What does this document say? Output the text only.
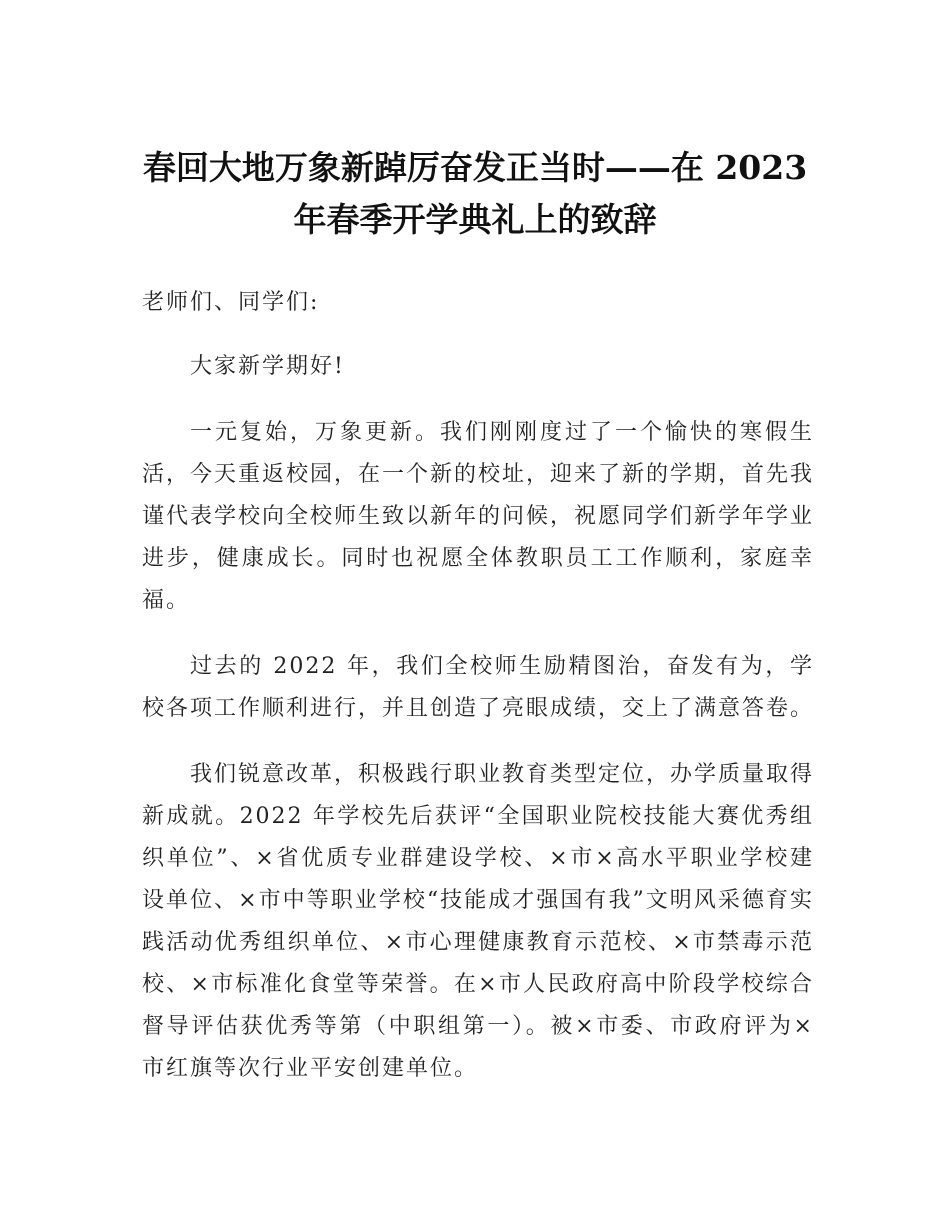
春回大地万象新踔厉奋发正当时——在 2023
年春季开学典礼上的致辞

老师们、同学们:

大家新学期好!

一元复始，万象更新。我们刚刚度过了一个愉快的寒假生活，今天重返校园，在一个新的校址，迎来了新的学期，首先我谨代表学校向全校师生致以新年的问候，祝愿同学们新学年学业进步，健康成长。同时也祝愿全体教职员工工作顺利，家庭幸福。

过去的 2022 年，我们全校师生励精图治，奋发有为，学校各项工作顺利进行，并且创造了亮眼成绩，交上了满意答卷。

我们锐意改革，积极践行职业教育类型定位，办学质量取得新成就。2022 年学校先后获评“全国职业院校技能大赛优秀组织单位”、×省优质专业群建设学校、×市×高水平职业学校建设单位、×市中等职业学校“技能成才强国有我”文明风采德育实践活动优秀组织单位、×市心理健康教育示范校、×市禁毒示范校、×市标准化食堂等荣誉。在×市人民政府高中阶段学校综合督导评估获优秀等第（中职组第一）。被×市委、市政府评为×市红旗等次行业平安创建单位。
